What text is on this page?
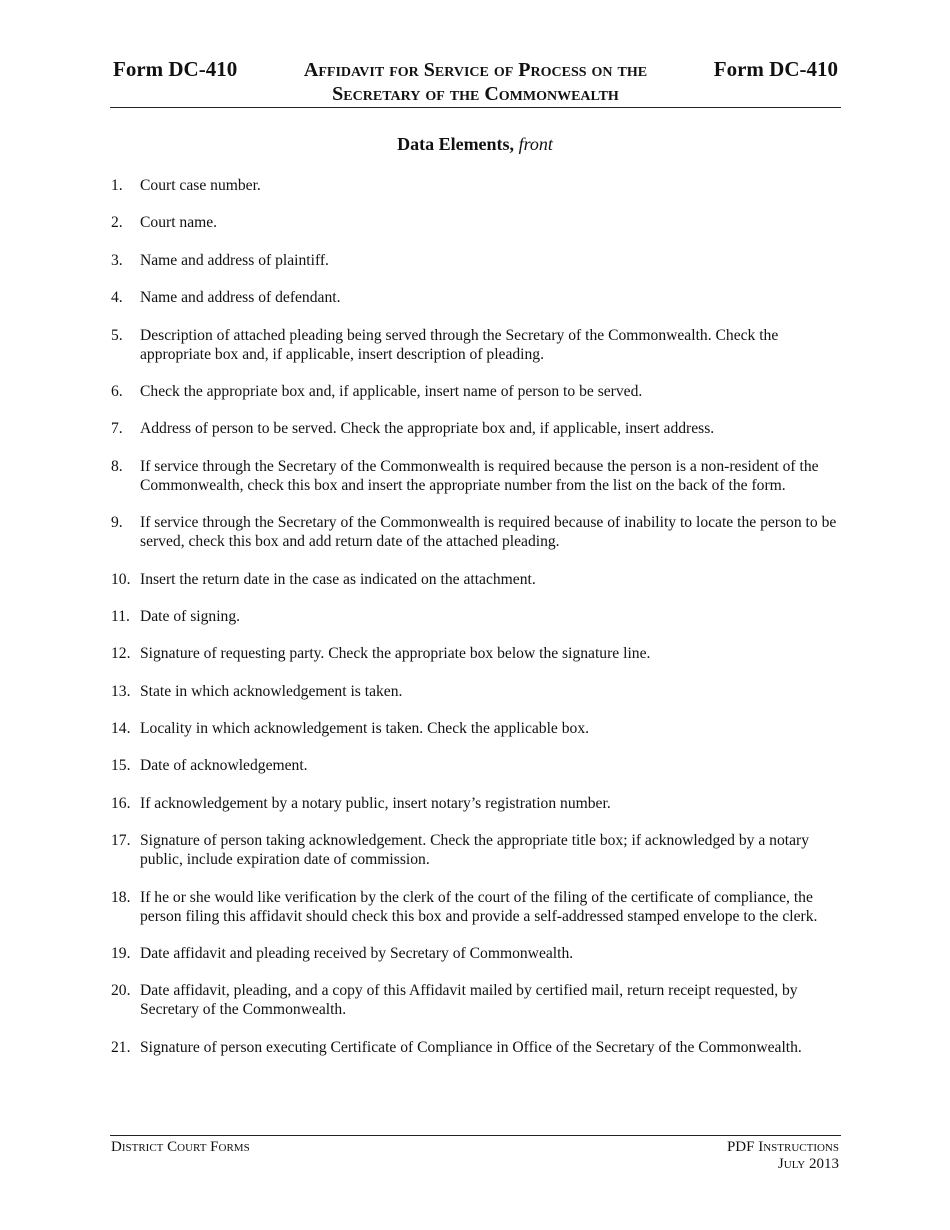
Form DC-410	Form DC-410
Affidavit for Service of Process on the
Secretary of the Commonwealth
Data Elements, front
1. Court case number.
2. Court name.
3. Name and address of plaintiff.
4. Name and address of defendant.
5. Description of attached pleading being served through the Secretary of the Commonwealth. Check the appropriate box and, if applicable, insert description of pleading.
6. Check the appropriate box and, if applicable, insert name of person to be served.
7. Address of person to be served. Check the appropriate box and, if applicable, insert address.
8. If service through the Secretary of the Commonwealth is required because the person is a non-resident of the Commonwealth, check this box and insert the appropriate number from the list on the back of the form.
9. If service through the Secretary of the Commonwealth is required because of inability to locate the person to be served, check this box and add return date of the attached pleading.
10. Insert the return date in the case as indicated on the attachment.
11. Date of signing.
12. Signature of requesting party. Check the appropriate box below the signature line.
13. State in which acknowledgement is taken.
14. Locality in which acknowledgement is taken. Check the applicable box.
15. Date of acknowledgement.
16. If acknowledgement by a notary public, insert notary’s registration number.
17. Signature of person taking acknowledgement. Check the appropriate title box; if acknowledged by a notary public, include expiration date of commission.
18. If he or she would like verification by the clerk of the court of the filing of the certificate of compliance, the person filing this affidavit should check this box and provide a self-addressed stamped envelope to the clerk.
19. Date affidavit and pleading received by Secretary of Commonwealth.
20. Date affidavit, pleading, and a copy of this Affidavit mailed by certified mail, return receipt requested, by Secretary of the Commonwealth.
21. Signature of person executing Certificate of Compliance in Office of the Secretary of the Commonwealth.
District Court Forms	PDF Instructions
July 2013
